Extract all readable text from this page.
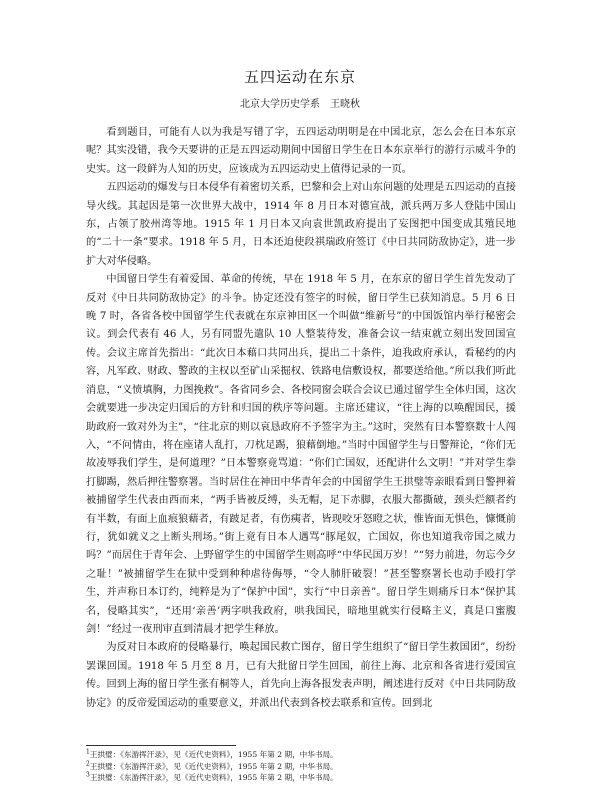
五四运动在东京
北京大学历史学系　王晓秋

看到题目，可能有人以为我是写错了字，五四运动明明是在中国北京，怎么会在日本东京呢？其实没错，我今天要讲的正是五四运动期间中国留日学生在日本东京举行的游行示威斗争的史实。这一段鲜为人知的历史，应该成为五四运动史上值得记录的一页。

五四运动的爆发与日本侵华有着密切关系，巴黎和会上对山东问题的处理是五四运动的直接导火线。其起因是第一次世界大战中，1914 年 8 月日本对德宣战，派兵两万多人登陆中国山东，占领了胶州湾等地。1915 年 1 月日本又向袁世凯政府提出了妄图把中国变成其殖民地的“二十一条”要求。1918 年 5 月，日本还迫使段祺瑞政府签订《中日共同防敌协定》，进一步扩大对华侵略。

中国留日学生有着爱国、革命的传统，早在 1918 年 5 月，在东京的留日学生首先发动了反对《中日共同防敌协定》的斗争。协定还没有签字的时候，留日学生已获知消息。5 月 6 日晚 7 时，各省各校中国留学生代表就在东京神田区一个叫做“维新号”的中国饭馆内举行秘密会议。到会代表有 46 人，另有同盟先遣队 10 人整装待发，准备会议一结束就立刻出发回国宣传。会议主席首先指出：“此次日本藉口共同出兵，提出二十条件，迫我政府承认，看秘约的内容，凡军政、财政、警政的主权以至矿山采掘权、铁路电信敷设权，都要送给他。”所以我们听此消息，“义愤填胸，力图挽救”。各省同乡会、各校同窗会联合会议已通过留学生全体归国，这次会就要进一步决定归国后的方针和归国的秩序等问题。主席还建议，“往上海的以唤醒国民，援助政府一致对外为主”，“往北京的则以哀恳政府不予签字为主。”这时，突然有日本警察数十人闯入，“不问情由，将在座诸人乱打，刀枕足踢，狼藉倒地。”当时中国留学生与日警辩论，“你们无故凌辱我们学生，是何道理？”日本警察竟骂道：“你们亡国奴，还配讲什么文明！”并对学生拳打脚踢，然后押往警察署。当时居住在神田中华青年会的中国留学生王拱璧等亲眼看到日警押着被捕留学生代表由西而来，“两手皆被反缚，头无帽，足下赤脚，衣服大都撕破，颈头烂额者约有半数，有面上血痕狼藉者，有跛足者，有伤痍者，皆现咬牙怒瞪之状，惟皆面无惧色，慷慨前行，犹如就义之上断头刑场。”街上竟有日本人遇骂“豚尾奴，亡国奴，你也知道我帝国之威力吗？”而居住于青年会、上野留学生的中国留学生则高呼“中华民国万岁！”“努力前进，勿忘今夕之耻！”被捕留学生在狱中受到种种虐待侮辱，“令人肺肝破裂！”甚至警察署长也动手殴打学生，并声称日本订约，纯粹是为了“保护中国”，实行“中日亲善”。留日学生则痛斥日本“保护其名，侵略其实”，“还用‘亲善’两字哄我政府，哄我国民，暗地里就实行侵略主义，真是口蜜腹剑！”经过一夜刑审直到清晨才把学生释放。

为反对日本政府的侵略暴行，唤起国民救亡图存，留日学生组织了“留日学生救国团”，纷纷罢课回国。1918 年 5 月至 8 月，已有大批留日学生回国，前往上海、北京和各省进行爱国宣传。回到上海的留日学生张有桐等人，首先向上海各报发表声明，阐述进行反对《中日共同防敌协定》的反帝爱国运动的重要意义，并派出代表到各校去联系和宣传。回到北

$^1$王拱璧：《东游挥汗录》，见《近代史资料》，1955 年第 2 期，中华书局。
$^2$王拱璧：《东游挥汗录》，见《近代史资料》，1955 年第 2 期，中华书局。
$^3$王拱璧：《东游挥汗录》，见《近代史资料》，1955 年第 2 期，中华书局。
